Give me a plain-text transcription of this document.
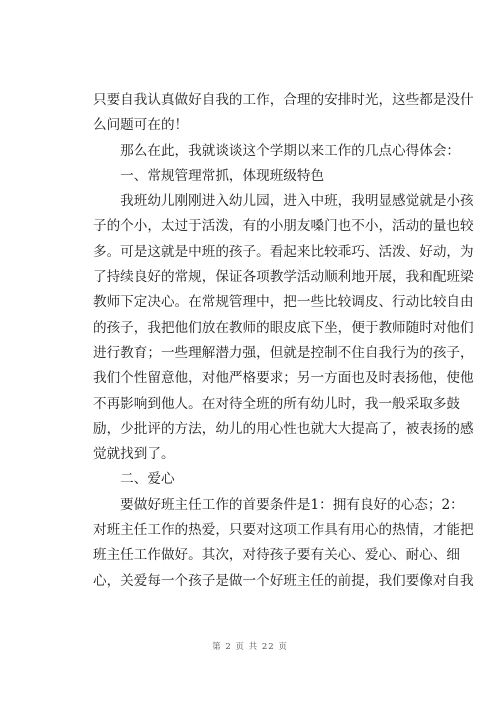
只要自我认真做好自我的工作，合理的安排时光，这些都是没什
么问题可在的！
　　那么在此，我就谈谈这个学期以来工作的几点心得体会：
　　一、常规管理常抓，体现班级特色
　　我班幼儿刚刚进入幼儿园，进入中班，我明显感觉就是小孩
子的个小，太过于活泼，有的小朋友嗓门也不小，活动的量也较
多。可是这就是中班的孩子。看起来比较乖巧、活泼、好动，为
了持续良好的常规，保证各项教学活动顺利地开展，我和配班梁
教师下定决心。在常规管理中，把一些比较调皮、行动比较自由
的孩子，我把他们放在教师的眼皮底下坐，便于教师随时对他们
进行教育；一些理解潜力强，但就是控制不住自我行为的孩子，
我们个性留意他，对他严格要求；另一方面也及时表扬他，使他
不再影响到他人。在对待全班的所有幼儿时，我一般采取多鼓
励，少批评的方法，幼儿的用心性也就大大提高了，被表扬的感
觉就找到了。
　　二、爱心
　　要做好班主任工作的首要条件是1：拥有良好的心态；2：
对班主任工作的热爱，只要对这项工作具有用心的热情，才能把
班主任工作做好。其次，对待孩子要有关心、爱心、耐心、细
心，关爱每一个孩子是做一个好班主任的前提，我们要像对自我
第 2 页 共 22 页
